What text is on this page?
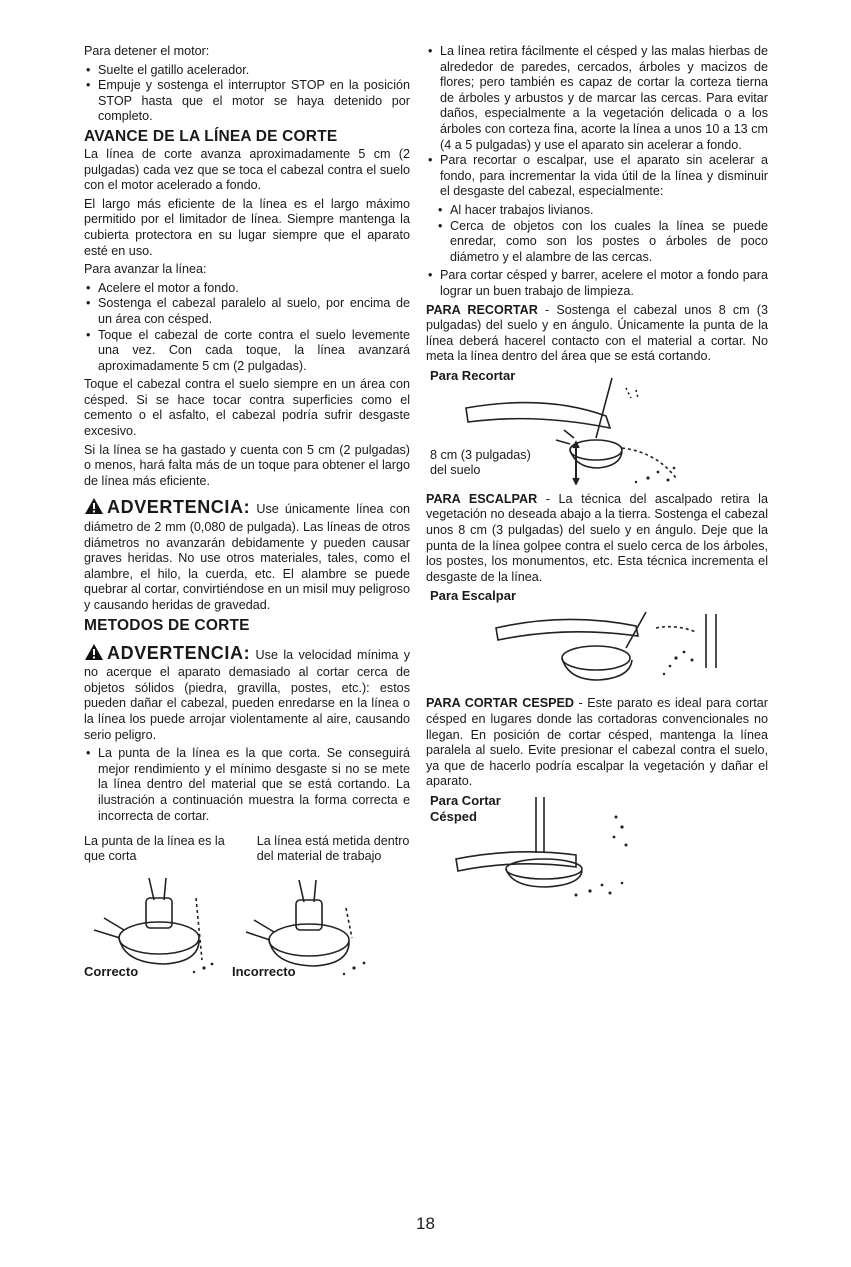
Para detener el motor:

• Suelte el gatillo acelerador.
• Empuje y sostenga el interruptor STOP en la posición STOP hasta que el motor se haya detenido por completo.
AVANCE DE LA LÍNEA DE CORTE

La línea de corte avanza aproximadamente 5 cm (2 pulgadas) cada vez que se toca el cabezal contra el suelo con el motor acelerado a fondo.

El largo más eficiente de la línea es el largo máximo permitido por el limitador de línea. Siempre mantenga la cubierta protectora en su lugar siempre que el aparato esté en uso.

Para avanzar la línea:

• Acelere el motor a fondo.
• Sostenga el cabezal paralelo al suelo, por encima de un área con césped.
• Toque el cabezal de corte contra el suelo levemente una vez. Con cada toque, la línea avanzará aproximadamente 5 cm (2 pulgadas).

Toque el cabezal contra el suelo siempre en un área con césped. Si se hace tocar contra superficies como el cemento o el asfalto, el cabezal podría sufrir desgaste excesivo.

Si la línea se ha gastado y cuenta con 5 cm (2 pulgadas) o menos, hará falta más de un toque para obtener el largo de línea más eficiente.

ADVERTENCIA: Use únicamente línea con diámetro de 2 mm (0,080 de pulgada). Las líneas de otros diámetros no avanzarán debidamente y pueden causar graves heridas. No use otros materiales, tales, como el alambre, el hilo, la cuerda, etc. El alambre se puede quebrar al cortar, convirtiéndose en un misil muy peligroso y causando heridas de gravedad.
METODOS DE CORTE
ADVERTENCIA: Use la velocidad mínima y no acerque el aparato demasiado al cortar cerca de objetos sólidos (piedra, gravilla, postes, etc.): estos pueden dañar el cabezal, pueden enredarse en la línea o la línea los puede arrojar violentamente al aire, causando serio peligro.
• La punta de la línea es la que corta. Se conseguirá mejor rendimiento y el mínimo desgaste si no se mete la línea dentro del material que se está cortando. La ilustración a continuación muestra la forma correcta e incorrecta de cortar.
La punta de la línea es la que corta
La línea está metida dentro del material de trabajo
Correcto	Incorrecto
• La línea retira fácilmente el césped y las malas hierbas de alrededor de paredes, cercados, árboles y macizos de flores; pero también es capaz de cortar la corteza tierna de árboles y arbustos y de marcar las cercas. Para evitar daños, especialmente a la vegetación delicada o a los árboles con corteza fina, acorte la línea a unos 10 a 13 cm (4 a 5 pulgadas) y use el aparato sin acelerar a fondo.
• Para recortar o escalpar, use el aparato sin acelerar a fondo, para incrementar la vida útil de la línea y disminuir el desgaste del cabezal, especialmente:
• Al hacer trabajos livianos.
• Cerca de objetos con los cuales la línea se puede enredar, como son los postes o árboles de poco diámetro y el alambre de las cercas.
• Para cortar césped y barrer, acelere el motor a fondo para lograr un buen trabajo de limpieza.

PARA RECORTAR - Sostenga el cabezal unos 8 cm (3 pulgadas) del suelo y en ángulo. Únicamente la punta de la línea deberá hacerel contacto con el material a cortar. No meta la línea dentro del área que se está cortando.

Para Recortar
8 cm (3 pulgadas) del suelo

PARA ESCALPAR - La técnica del ascalpado retira la vegetación no deseada abajo a la tierra. Sostenga el cabezal unos 8 cm (3 pulgadas) del suelo y en ángulo. Deje que la punta de la línea golpee contra el suelo cerca de los árboles, los postes, los monumentos, etc. Esta técnica incrementa el desgaste de la línea.

Para Escalpar

PARA CORTAR CESPED - Este parato es ideal para cortar césped en lugares donde las cortadoras convencionales no llegan. En posición de cortar césped, mantenga la línea paralela al suelo. Evite presionar el cabezal contra el suelo, ya que de hacerlo podría escalpar la vegetación y dañar el aparato.

Para Cortar Césped
18
